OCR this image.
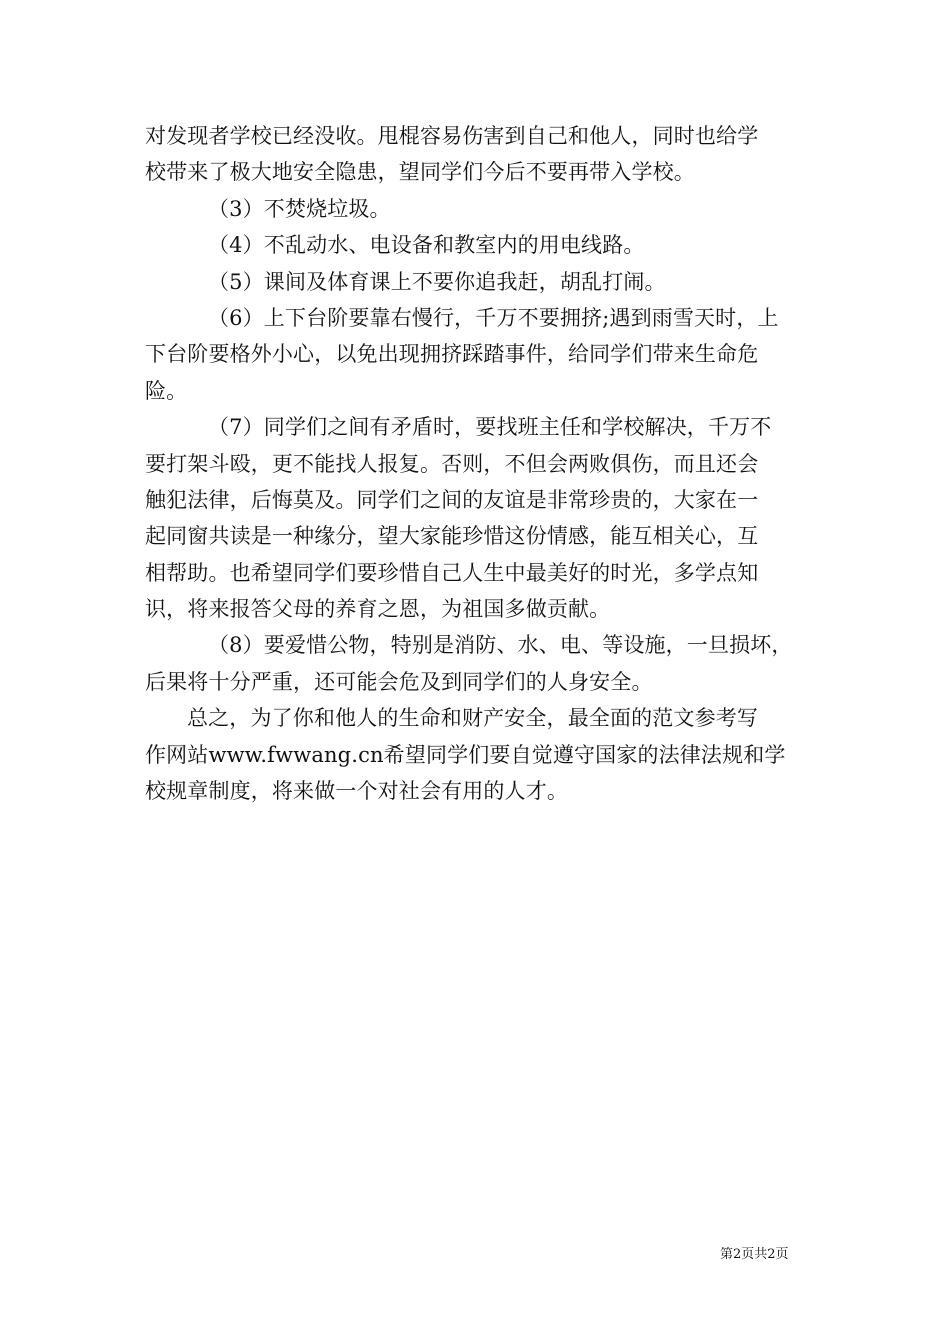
对发现者学校已经没收。甩棍容易伤害到自己和他人，同时也给学
校带来了极大地安全隐患，望同学们今后不要再带入学校。
（3）不焚烧垃圾。
（4）不乱动水、电设备和教室内的用电线路。
（5）课间及体育课上不要你追我赶，胡乱打闹。
（6）上下台阶要靠右慢行，千万不要拥挤;遇到雨雪天时，上
下台阶要格外小心，以免出现拥挤踩踏事件，给同学们带来生命危
险。
（7）同学们之间有矛盾时，要找班主任和学校解决，千万不
要打架斗殴，更不能找人报复。否则，不但会两败俱伤，而且还会
触犯法律，后悔莫及。同学们之间的友谊是非常珍贵的，大家在一
起同窗共读是一种缘分，望大家能珍惜这份情感，能互相关心，互
相帮助。也希望同学们要珍惜自己人生中最美好的时光，多学点知
识，将来报答父母的养育之恩，为祖国多做贡献。
（8）要爱惜公物，特别是消防、水、电、等设施，一旦损坏，
后果将十分严重，还可能会危及到同学们的人身安全。
总之，为了你和他人的生命和财产安全，最全面的范文参考写
作网站www.fwwang.cn希望同学们要自觉遵守国家的法律法规和学
校规章制度，将来做一个对社会有用的人才。
第2页共2页
